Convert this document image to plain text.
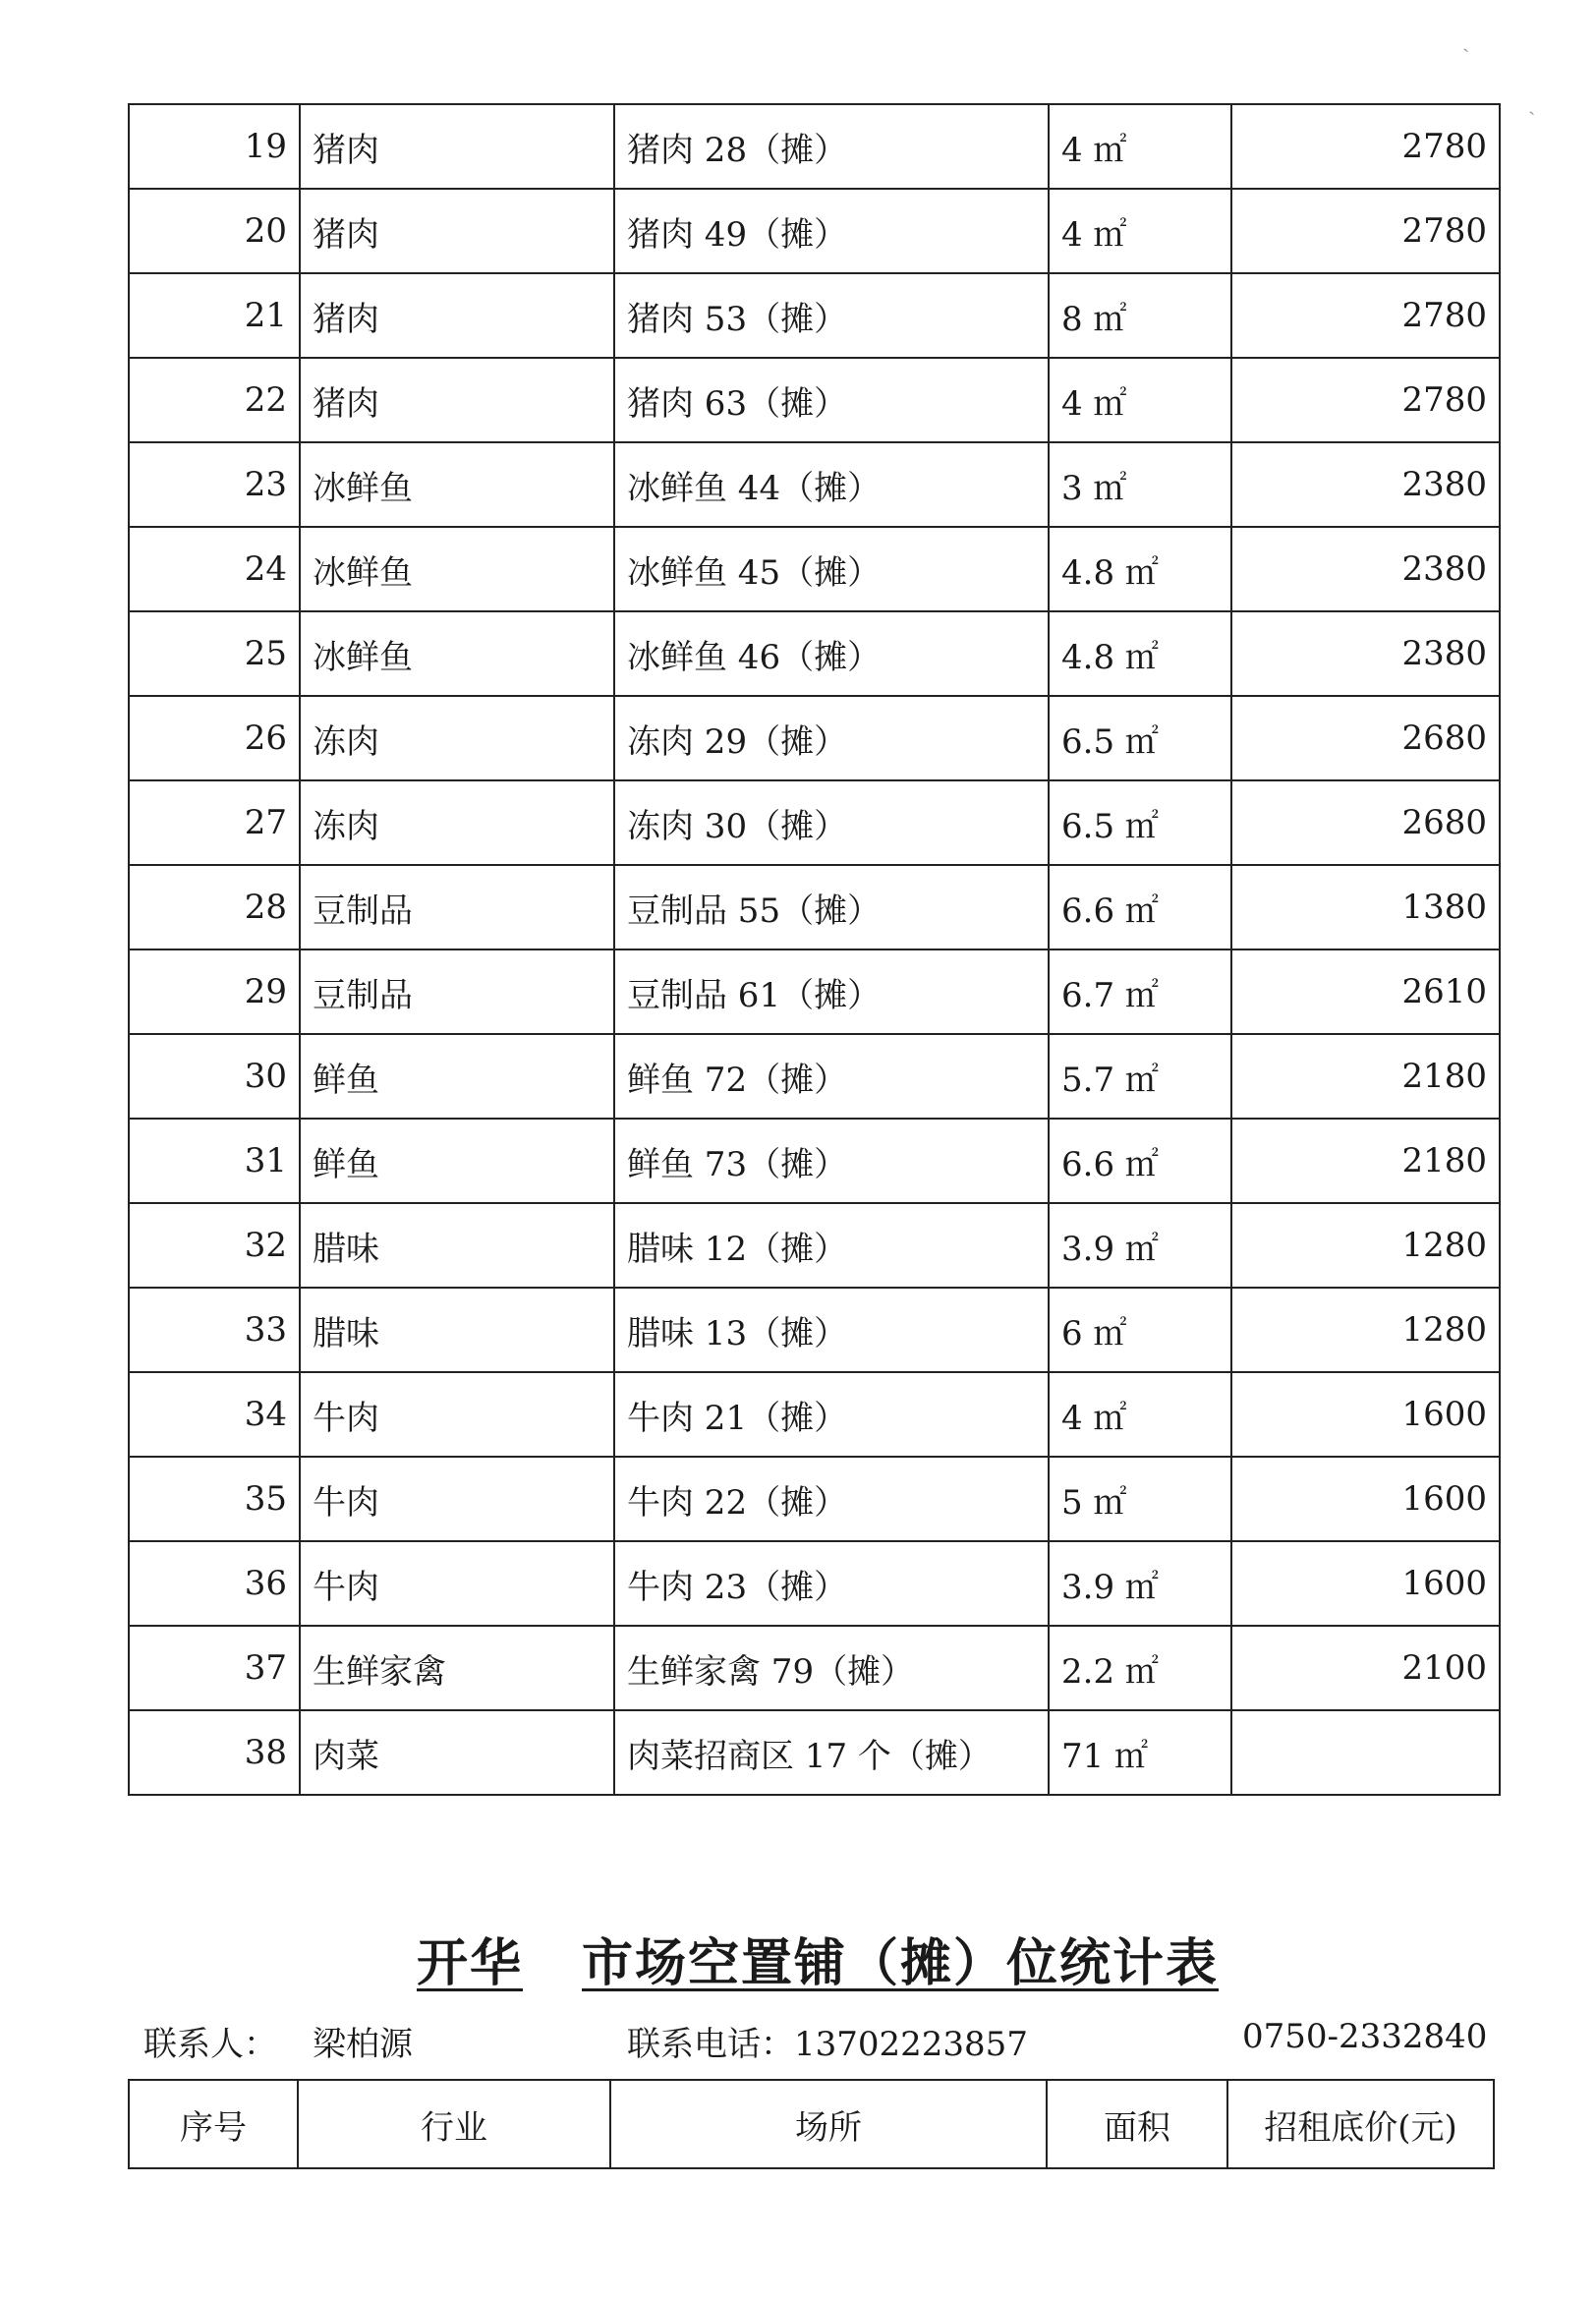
ˎ
ˏ
19	猪肉	猪肉 28（摊）	4 ㎡	2780
20	猪肉	猪肉 49（摊）	4 ㎡	2780
21	猪肉	猪肉 53（摊）	8 ㎡	2780
22	猪肉	猪肉 63（摊）	4 ㎡	2780
23	冰鲜鱼	冰鲜鱼 44（摊）	3 ㎡	2380
24	冰鲜鱼	冰鲜鱼 45（摊）	4.8 ㎡	2380
25	冰鲜鱼	冰鲜鱼 46（摊）	4.8 ㎡	2380
26	冻肉	冻肉 29（摊）	6.5 ㎡	2680
27	冻肉	冻肉 30（摊）	6.5 ㎡	2680
28	豆制品	豆制品 55（摊）	6.6 ㎡	1380
29	豆制品	豆制品 61（摊）	6.7 ㎡	2610
30	鲜鱼	鲜鱼 72（摊）	5.7 ㎡	2180
31	鲜鱼	鲜鱼 73（摊）	6.6 ㎡	2180
32	腊味	腊味 12（摊）	3.9 ㎡	1280
33	腊味	腊味 13（摊）	6 ㎡	1280
34	牛肉	牛肉 21（摊）	4 ㎡	1600
35	牛肉	牛肉 22（摊）	5 ㎡	1600
36	牛肉	牛肉 23（摊）	3.9 ㎡	1600
37	生鲜家禽	生鲜家禽 79（摊）	2.2 ㎡	2100
38	肉菜	肉菜招商区 17 个（摊）	71 ㎡	
开华 市场空置铺（摊）位统计表
联系人： 梁柏源	联系电话：13702223857	0750-2332840
序号	行业	场所	面积	招租底价(元)
